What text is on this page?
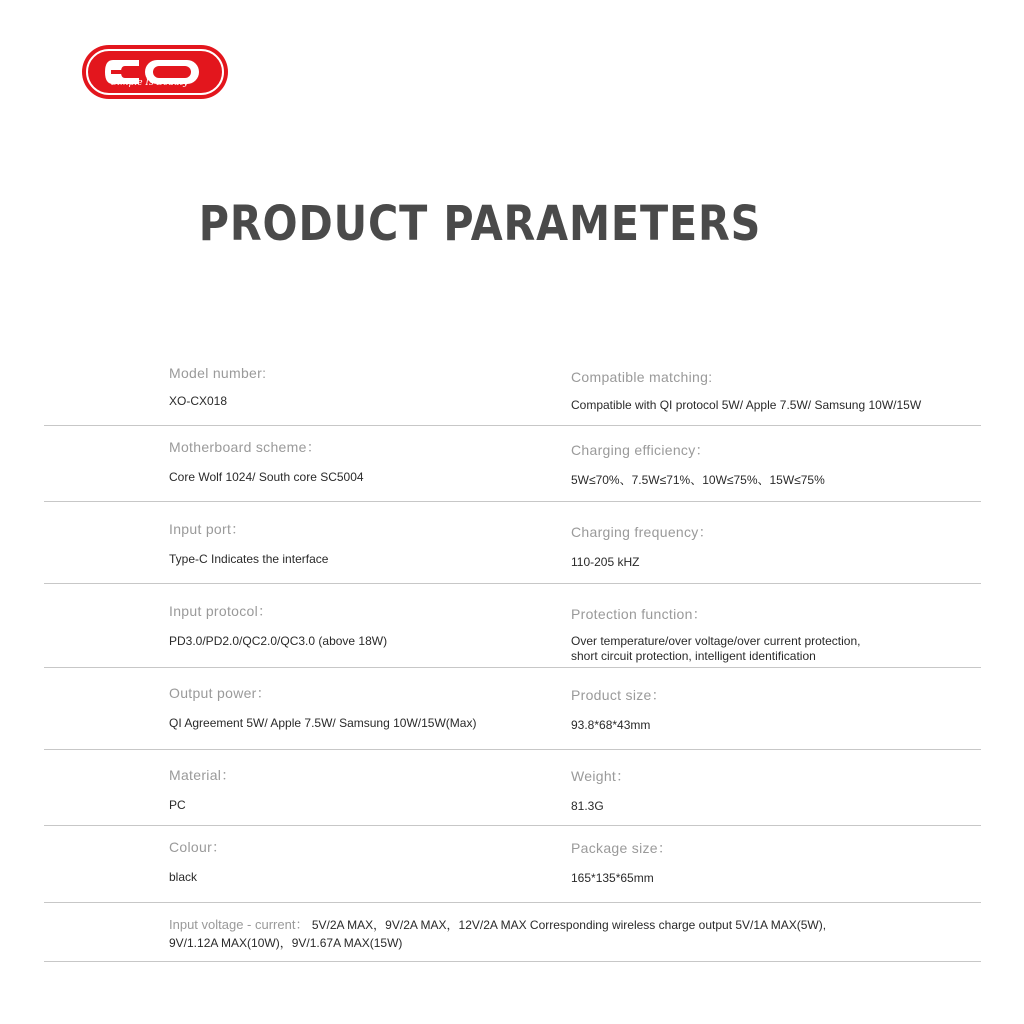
Simple Is Beauty
PRODUCT PARAMETERS
Model number:
XO-CX018
Compatible matching:
Compatible with QI protocol 5W/ Apple 7.5W/ Samsung 10W/15W
Motherboard scheme：
Core Wolf 1024/ South core SC5004
Charging efficiency：
5W≤70%、7.5W≤71%、10W≤75%、15W≤75%
Input port：
Type-C Indicates the interface
Charging frequency：
110-205 kHZ
Input protocol：
PD3.0/PD2.0/QC2.0/QC3.0 (above 18W)
Protection function：
Over temperature/over voltage/over current protection,
short circuit protection, intelligent identification
Output power：
QI Agreement 5W/ Apple 7.5W/ Samsung 10W/15W(Max)
Product size：
93.8*68*43mm
Material：
PC
Weight：
81.3G
Colour：
black
Package size：
165*135*65mm
Input voltage - current： 5V/2A MAX，9V/2A MAX，12V/2A MAX Corresponding wireless charge output 5V/1A MAX(5W),
9V/1.12A MAX(10W)，9V/1.67A MAX(15W)
